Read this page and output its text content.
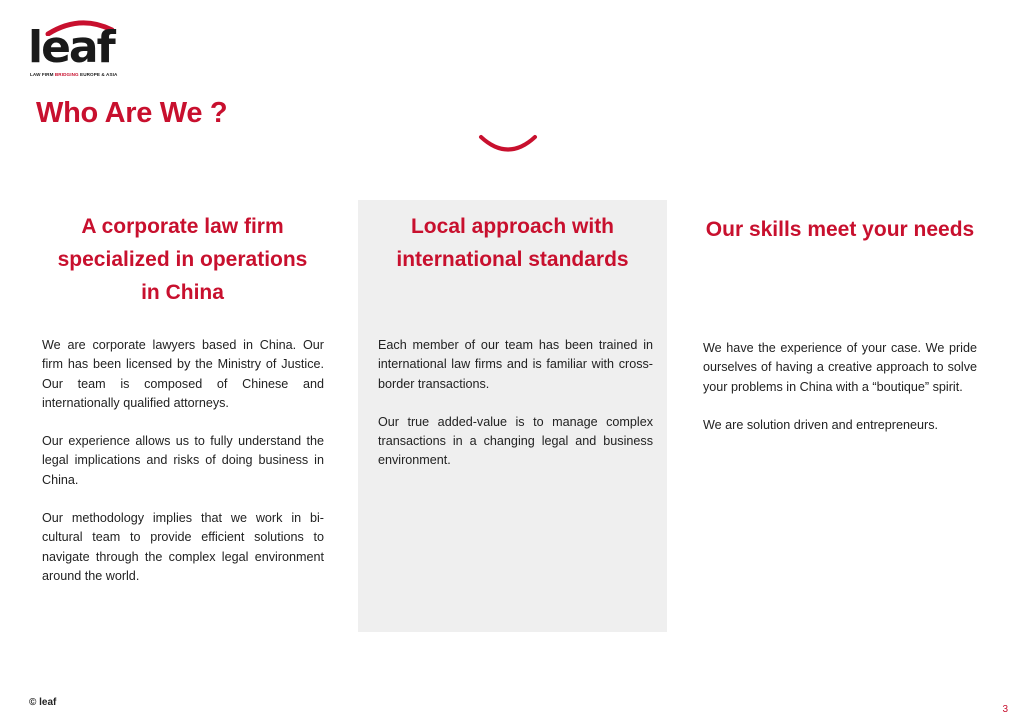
leaf
LAW FIRM BRIDGING EUROPE & ASIA
Who Are We ?
A corporate law firm specialized in operations in China

We are corporate lawyers based in China. Our firm has been licensed by the Ministry of Justice. Our team is composed of Chinese and internationally qualified attorneys.

Our experience allows us to fully understand the legal implications and risks of doing business in China.

Our methodology implies that we work in bi-cultural team to provide efficient solutions to navigate through the complex legal environment around the world.

Local approach with international standards

Each member of our team has been trained in international law firms and is familiar with cross-border transactions.

Our true added-value is to manage complex transactions in a changing legal and business environment.

Our skills meet your needs

We have the experience of your case. We pride ourselves of having a creative approach to solve your problems in China with a “boutique” spirit.

We are solution driven and entrepreneurs.

© leaf
3
